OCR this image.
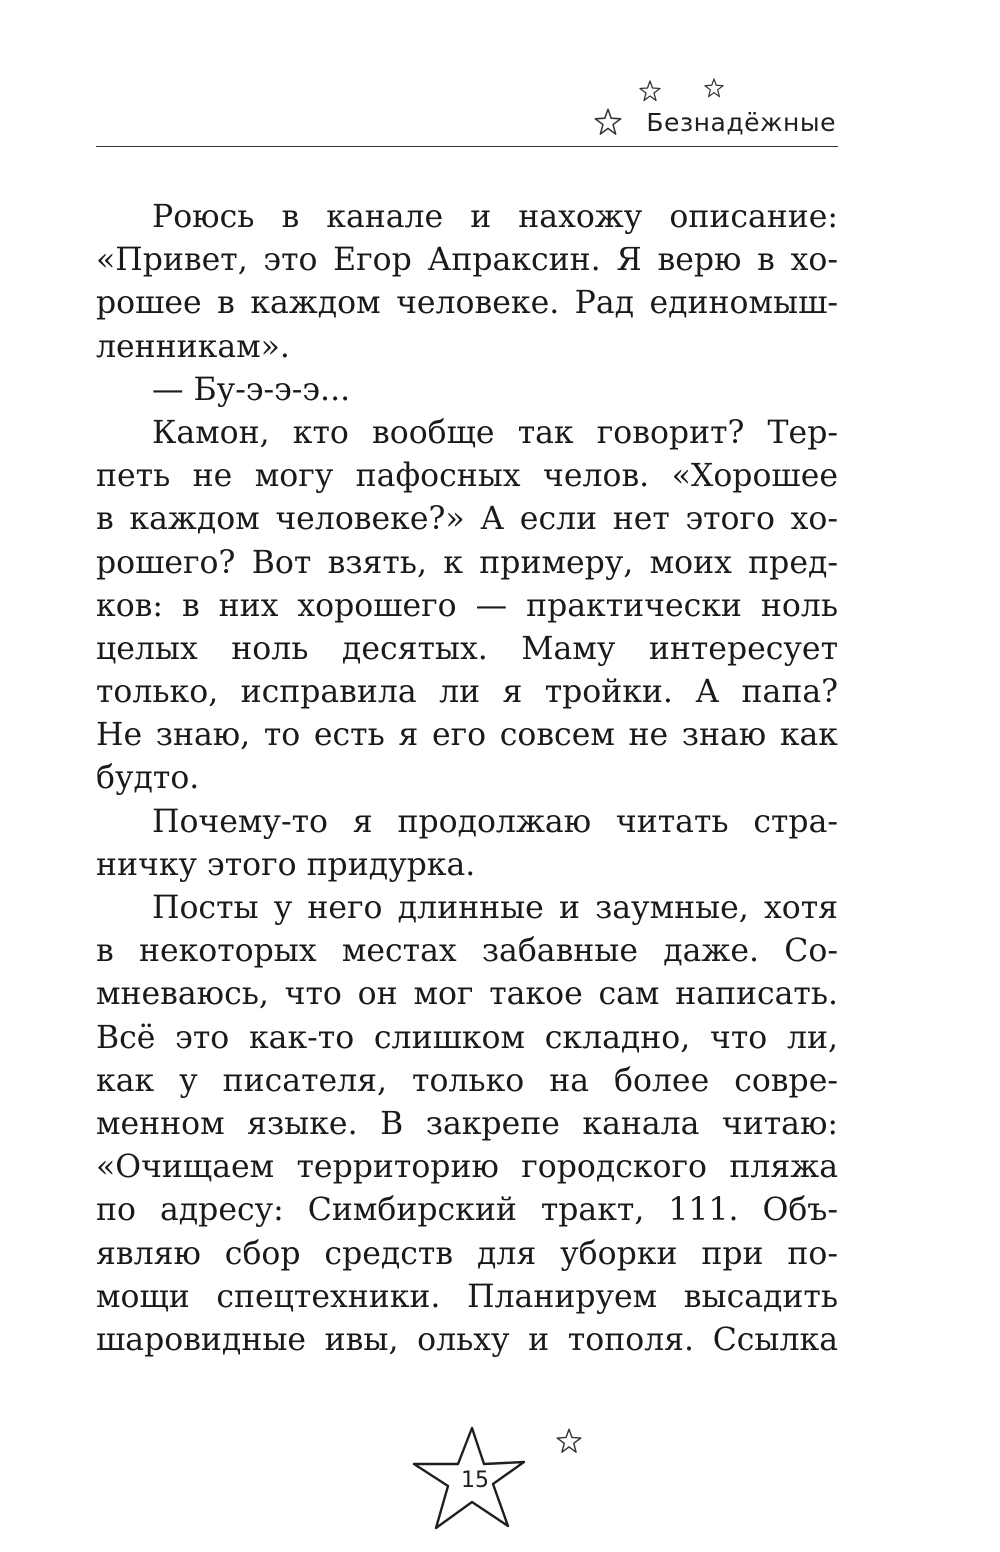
Безнадёжные
Роюсь в канале и нахожу описание:
«Привет, это Егор Апраксин. Я верю в хо-
рошее в каждом человеке. Рад единомыш-
ленникам».
— Бу-э-э-э...
Камон, кто вообще так говорит? Тер-
петь не могу пафосных челов. «Хорошее
в каждом человеке?» А если нет этого хо-
рошего? Вот взять, к примеру, моих пред-
ков: в них хорошего — практически ноль
целых ноль десятых. Маму интересует
только, исправила ли я тройки. А папа?
Не знаю, то есть я его совсем не знаю как
будто.
Почему-то я продолжаю читать стра-
ничку этого придурка.
Посты у него длинные и заумные, хотя
в некоторых местах забавные даже. Со-
мневаюсь, что он мог такое сам написать.
Всё это как-то слишком складно, что ли,
как у писателя, только на более совре-
менном языке. В закрепе канала читаю:
«Очищаем территорию городского пляжа
по адресу: Симбирский тракт, 111. Объ-
являю сбор средств для уборки при по-
мощи спецтехники. Планируем высадить
шаровидные ивы, ольху и тополя. Ссылка
15
